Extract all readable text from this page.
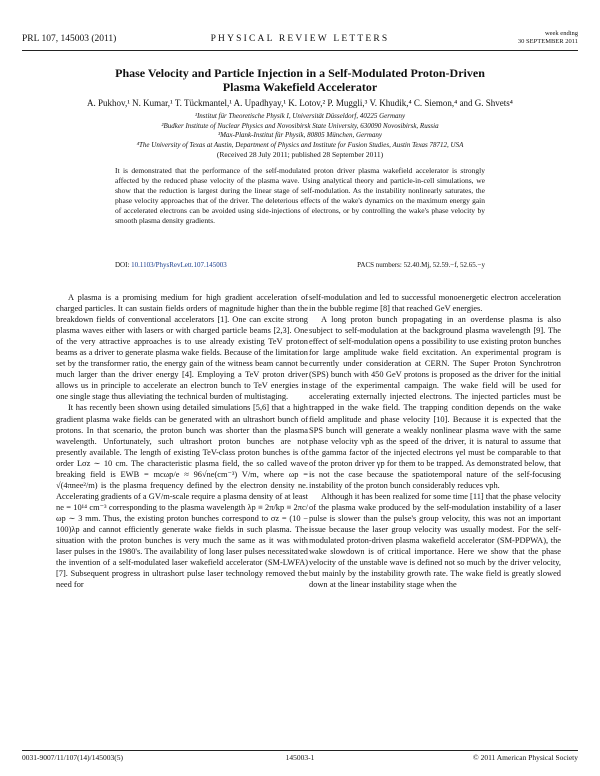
PRL 107, 145003 (2011)	PHYSICAL REVIEW LETTERS
week ending
30 SEPTEMBER 2011
Phase Velocity and Particle Injection in a Self-Modulated Proton-Driven
Plasma Wakefield Accelerator
A. Pukhov,¹ N. Kumar,¹ T. Tückmantel,¹ A. Upadhyay,¹ K. Lotov,² P. Muggli,³ V. Khudik,⁴ C. Siemon,⁴ and G. Shvets⁴
¹Institut für Theoretische Physik I, Universität Düsseldorf, 40225 Germany
²Budker Institute of Nuclear Physics and Novosibirsk State University, 630090 Novosibirsk, Russia
³Max-Plank-Institut für Physik, 80805 München, Germany
⁴The University of Texas at Austin, Department of Physics and Institute for Fusion Studies, Austin Texas 78712, USA
(Received 28 July 2011; published 28 September 2011)
It is demonstrated that the performance of the self-modulated proton driver plasma wakefield accelerator is strongly affected by the reduced phase velocity of the plasma wave. Using analytical theory and particle-in-cell simulations, we show that the reduction is largest during the linear stage of self-modulation. As the instability nonlinearly saturates, the phase velocity approaches that of the driver. The deleterious effects of the wake's dynamics on the maximum energy gain of accelerated electrons can be avoided using side-injections of electrons, or by controlling the wake's phase velocity by smooth plasma density gradients.
DOI: 10.1103/PhysRevLett.107.145003	PACS numbers: 52.40.Mj, 52.59.−f, 52.65.−y

A plasma is a promising medium for high gradient acceleration of charged particles. It can sustain fields orders of magnitude higher than the breakdown fields of conventional accelerators [1]. One can excite strong plasma waves either with lasers or with charged particle beams [2,3]. One of the very attractive approaches is to use already existing TeV proton beams as a driver to generate plasma wake fields. Because of the limitation set by the transformer ratio, the energy gain of the witness beam cannot be much larger than the driver energy [4]. Employing a TeV proton driver allows us in principle to accelerate an electron bunch to TeV energies in one single stage thus alleviating the technical burden of multistaging.

It has recently been shown using detailed simulations [5,6] that a high gradient plasma wake fields can be generated with an ultrashort bunch of protons. In that scenario, the proton bunch was shorter than the plasma wavelength. Unfortunately, such ultrashort proton bunches are not presently available. The length of existing TeV-class proton bunches is of order Lσz ∼ 10 cm. The characteristic plasma field, the so called wave breaking field is EWB = mcωp/e ≈ 96√ne(cm⁻³) V/m, where ωp = √(4πnee²/m) is the plasma frequency defined by the electron density ne. Accelerating gradients of a GV/m-scale require a plasma density of at least ne = 10¹⁴ cm⁻³ corresponding to the plasma wavelength λp ≡ 2π/kp ≡ 2πc/ωp ∼ 3 mm. Thus, the existing proton bunches correspond to σz = (10 − 100)λp and cannot efficiently generate wake fields in such plasma. The situation with the proton bunches is very much the same as it was with laser pulses in the 1980's. The availability of long laser pulses necessitated the invention of a self-modulated laser wakefield accelerator (SM-LWFA) [7]. Subsequent progress in ultrashort pulse laser technology removed the need for

self-modulation and led to successful monoenergetic electron acceleration in the bubble regime [8] that reached GeV energies.

A long proton bunch propagating in an overdense plasma is also subject to self-modulation at the background plasma wavelength [9]. The effect of self-modulation opens a possibility to use existing proton bunches for large amplitude wake field excitation. An experimental program is currently under consideration at CERN. The Super Proton Synchrotron (SPS) bunch with 450 GeV protons is proposed as the driver for the initial stage of the experimental campaign. The wake field will be used for accelerating externally injected electrons. The injected particles must be trapped in the wake field. The trapping condition depends on the wake field amplitude and phase velocity [10]. Because it is expected that the SPS bunch will generate a weakly nonlinear plasma wave with the same phase velocity vph as the speed of the driver, it is natural to assume that the gamma factor of the injected electrons γel must be comparable to that of the proton driver γp for them to be trapped. As demonstrated below, that is not the case because the spatiotemporal nature of the self-focusing instability of the proton bunch considerably reduces vph.

Although it has been realized for some time [11] that the phase velocity of the plasma wake produced by the self-modulation instability of a laser pulse is slower than the pulse's group velocity, this was not an important issue because the laser group velocity was usually modest. For the self-modulated proton-driven plasma wakefield accelerator (SM-PDPWA), the wake slowdown is of critical importance. Here we show that the phase velocity of the unstable wave is defined not so much by the driver velocity, but mainly by the instability growth rate. The wake field is greatly slowed down at the linear instability stage when the

0031-9007/11/107(14)/145003(5)	145003-1	© 2011 American Physical Society
